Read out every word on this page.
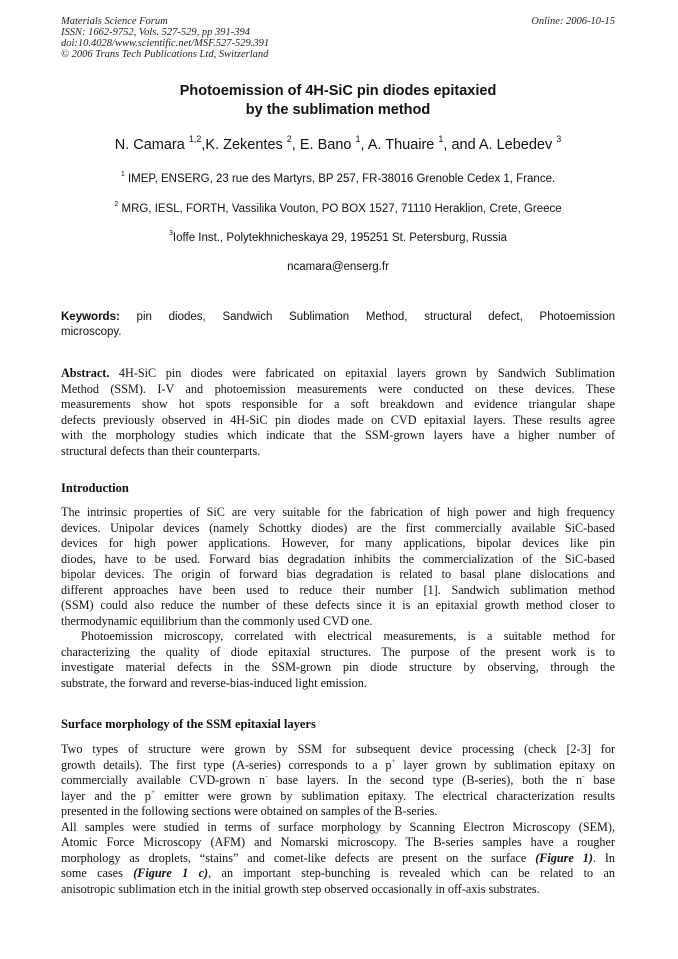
Materials Science Forum	Online: 2006-10-15
ISSN: 1662-9752, Vols. 527-529, pp 391-394
doi:10.4028/www.scientific.net/MSF.527-529.391
© 2006 Trans Tech Publications Ltd, Switzerland
Photoemission of 4H-SiC pin diodes epitaxied
by the sublimation method
N. Camara $^{1,2}$,K. Zekentes $^2$, E. Bano $^1$, A. Thuaire $^1$, and A. Lebedev $^3$
$^1$ IMEP, ENSERG, 23 rue des Martyrs, BP 257, FR-38016 Grenoble Cedex 1, France.
$^2$ MRG, IESL, FORTH, Vassilika Vouton, PO BOX 1527, 71110 Heraklion, Crete, Greece
$^3$Ioffe Inst., Polytekhnicheskaya 29, 195251 St. Petersburg, Russia
ncamara@enserg.fr
Keywords: pin diodes, Sandwich Sublimation Method, structural defect, Photoemission
microscopy.
Abstract. 4H-SiC pin diodes were fabricated on epitaxial layers grown by Sandwich Sublimation
Method (SSM). I-V and photoemission measurements were conducted on these devices. These
measurements show hot spots responsible for a soft breakdown and evidence triangular shape
defects previously observed in 4H-SiC pin diodes made on CVD epitaxial layers. These results agree
with the morphology studies which indicate that the SSM-grown layers have a higher number of
structural defects than their counterparts.
Introduction
The intrinsic properties of SiC are very suitable for the fabrication of high power and high frequency
devices. Unipolar devices (namely Schottky diodes) are the first commercially available SiC-based
devices for high power applications. However, for many applications, bipolar devices like pin
diodes, have to be used. Forward bias degradation inhibits the commercialization of the SiC-based
bipolar devices. The origin of forward bias degradation is related to basal plane dislocations and
different approaches have been used to reduce their number [1]. Sandwich sublimation method
(SSM) could also reduce the number of these defects since it is an epitaxial growth method closer to
thermodynamic equilibrium than the commonly used CVD one.
Photoemission microscopy, correlated with electrical measurements, is a suitable method for
characterizing the quality of diode epitaxial structures. The purpose of the present work is to
investigate material defects in the SSM-grown pin diode structure by observing, through the
substrate, the forward and reverse-bias-induced light emission.
Surface morphology of the SSM epitaxial layers
Two types of structure were grown by SSM for subsequent device processing (check [2-3] for
growth details). The first type (A-series) corresponds to a p+ layer grown by sublimation epitaxy on
commercially available CVD-grown n- base layers. In the second type (B-series), both the n- base
layer and the p+ emitter were grown by sublimation epitaxy. The electrical characterization results
presented in the following sections were obtained on samples of the B-series.
All samples were studied in terms of surface morphology by Scanning Electron Microscopy (SEM),
Atomic Force Microscopy (AFM) and Nomarski microscopy. The B-series samples have a rougher
morphology as droplets, “stains” and comet-like defects are present on the surface (Figure 1). In
some cases (Figure 1 c), an important step-bunching is revealed which can be related to an
anisotropic sublimation etch in the initial growth step observed occasionally in off-axis substrates.
